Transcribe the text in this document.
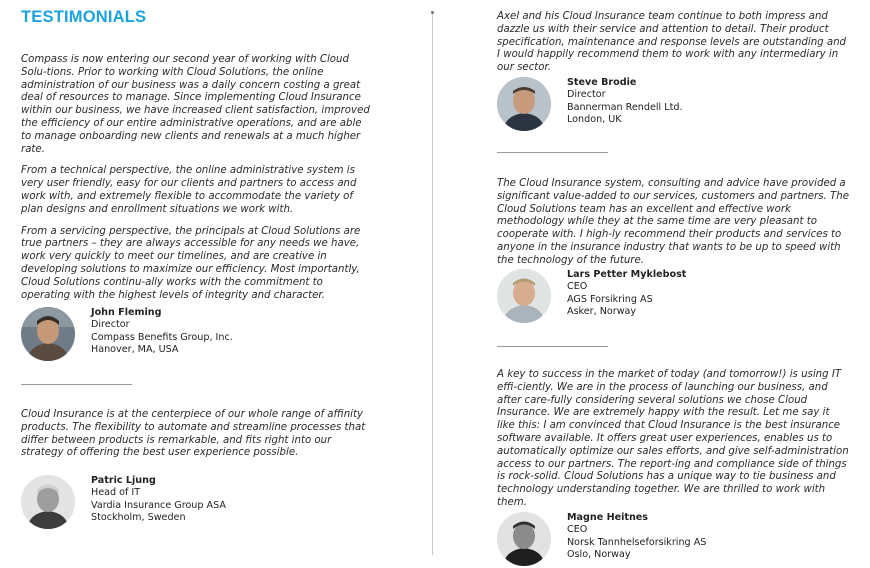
TESTIMONIALS

Compass is now entering our second year of working with Cloud Solu-tions. Prior to working with Cloud Solutions, the online administration of our business was a daily concern costing a great deal of resources to manage. Since implementing Cloud Insurance within our business, we have increased client satisfaction, improved the efficiency of our entire administrative operations, and are able to manage onboarding new clients and renewals at a much higher rate.

From a technical perspective, the online administrative system is very user friendly, easy for our clients and partners to access and work with, and extremely flexible to accommodate the variety of plan designs and enrollment situations we work with.

From a servicing perspective, the principals at Cloud Solutions are true partners – they are always accessible for any needs we have, work very quickly to meet our timelines, and are creative in developing solutions to maximize our efficiency. Most importantly, Cloud Solutions continu-ally works with the commitment to operating with the highest levels of integrity and character.

John Fleming
Director
Compass Benefits Group, Inc.
Hanover, MA, USA

Cloud Insurance is at the centerpiece of our whole range of affinity products. The flexibility to automate and streamline processes that differ between products is remarkable, and fits right into our strategy of offering the best user experience possible.

Patric Ljung
Head of IT
Vardia Insurance Group ASA
Stockholm, Sweden

Axel and his Cloud Insurance team continue to both impress and dazzle us with their service and attention to detail. Their product specification, maintenance and response levels are outstanding and I would happily recommend them to work with any intermediary in our sector.

Steve Brodie
Director
Bannerman Rendell Ltd.
London, UK

The Cloud Insurance system, consulting and advice have provided a significant value-added to our services, customers and partners. The Cloud Solutions team has an excellent and effective work methodology while they at the same time are very pleasant to cooperate with. I high-ly recommend their products and services to anyone in the insurance industry that wants to be up to speed with the technology of the future.

Lars Petter Myklebost
CEO
AGS Forsikring AS
Asker, Norway

A key to success in the market of today (and tomorrow!) is using IT effi-ciently. We are in the process of launching our business, and after care-fully considering several solutions we chose Cloud Insurance. We are extremely happy with the result. Let me say it like this: I am convinced that Cloud Insurance is the best insurance software available. It offers great user experiences, enables us to automatically optimize our sales efforts, and give self-administration access to our partners. The report-ing and compliance side of things is rock-solid. Cloud Solutions has a unique way to tie business and technology understanding together. We are thrilled to work with them.

Magne Heitnes
CEO
Norsk Tannhelseforsikring AS
Oslo, Norway
